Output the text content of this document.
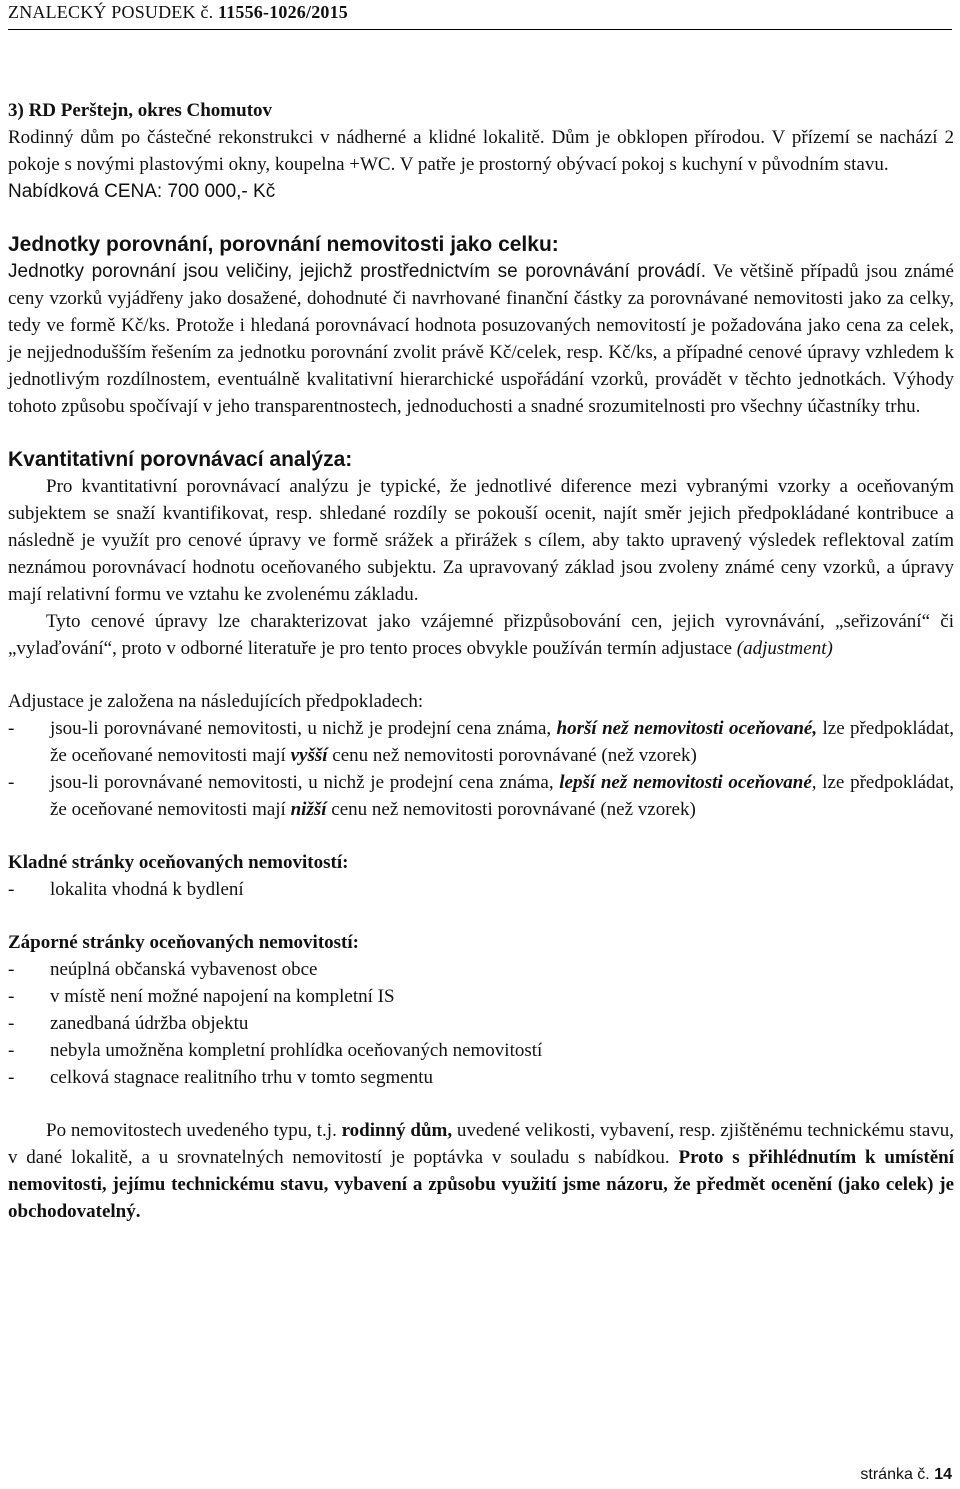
ZNALECKÝ POSUDEK č. 11556-1026/2015

3) RD Perštejn, okres Chomutov

Rodinný dům po částečné rekonstrukci v nádherné a klidné lokalitě. Dům je obklopen přírodou. V přízemí se nachází 2 pokoje s novými plastovými okny, koupelna +WC. V patře je prostorný obývací pokoj s kuchyní v původním stavu.

Nabídková CENA: 700 000,- Kč

Jednotky porovnání, porovnání nemovitosti jako celku:

Jednotky porovnání jsou veličiny, jejichž prostřednictvím se porovnávání provádí. Ve většině případů jsou známé ceny vzorků vyjádřeny jako dosažené, dohodnuté či navrhované finanční částky za porovnávané nemovitosti jako za celky, tedy ve formě Kč/ks. Protože i hledaná porovnávací hodnota posuzovaných nemovitostí je požadována jako cena za celek, je nejjednodušším řešením za jednotku porovnání zvolit právě Kč/celek, resp. Kč/ks, a případné cenové úpravy vzhledem k jednotlivým rozdílnostem, eventuálně kvalitativní hierarchické uspořádání vzorků, provádět v těchto jednotkách. Výhody tohoto způsobu spočívají v jeho transparentnostech, jednoduchosti a snadné srozumitelnosti pro všechny účastníky trhu.

Kvantitativní porovnávací analýza:

Pro kvantitativní porovnávací analýzu je typické, že jednotlivé diference mezi vybranými vzorky a oceňovaným subjektem se snaží kvantifikovat, resp. shledané rozdíly se pokouší ocenit, najít směr jejich předpokládané kontribuce a následně je využít pro cenové úpravy ve formě srážek a přirážek s cílem, aby takto upravený výsledek reflektoval zatím neznámou porovnávací hodnotu oceňovaného subjektu. Za upravovaný základ jsou zvoleny známé ceny vzorků, a úpravy mají relativní formu ve vztahu ke zvolenému základu.

Tyto cenové úpravy lze charakterizovat jako vzájemné přizpůsobování cen, jejich vyrovnávání, „seřizování“ či „vylaďování“, proto v odborné literatuře je pro tento proces obvykle používán termín adjustace (adjustment)

Adjustace je založena na následujících předpokladech:

-	jsou-li porovnávané nemovitosti, u nichž je prodejní cena známa, horší než nemovitosti oceňované, lze předpokládat, že oceňované nemovitosti mají vyšší cenu než nemovitosti porovnávané (než vzorek)
-	jsou-li porovnávané nemovitosti, u nichž je prodejní cena známa, lepší než nemovitosti oceňované, lze předpokládat, že oceňované nemovitosti mají nižší cenu než nemovitosti porovnávané (než vzorek)

Kladné stránky oceňovaných nemovitostí:

-	lokalita vhodná k bydlení

Záporné stránky oceňovaných nemovitostí:

-	neúplná občanská vybavenost obce
-	v místě není možné napojení na kompletní IS
-	zanedbaná údržba objektu
-	nebyla umožněna kompletní prohlídka oceňovaných nemovitostí
-	celková stagnace realitního trhu v tomto segmentu

Po nemovitostech uvedeného typu, t.j. rodinný dům, uvedené velikosti, vybavení, resp. zjištěnému technickému stavu, v dané lokalitě, a u srovnatelných nemovitostí je poptávka v souladu s nabídkou. Proto s přihlédnutím k umístění nemovitosti, jejímu technickému stavu, vybavení a způsobu využití jsme názoru, že předmět ocenění (jako celek) je obchodovatelný.

stránka č. 14
